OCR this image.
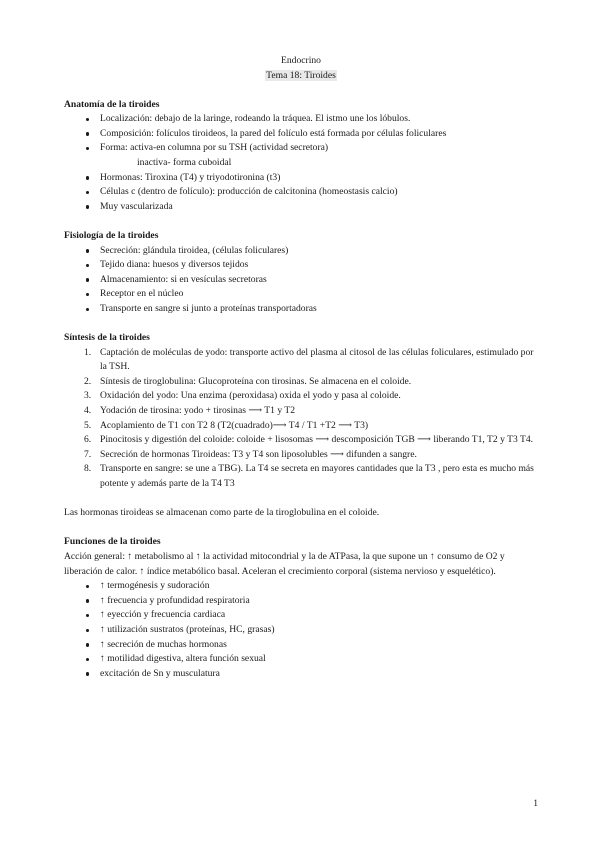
Endocrino
Tema 18: Tiroides
Anatomía de la tiroides
Localización: debajo de la laringe, rodeando la tráquea. El istmo une los lóbulos.
Composición: folículos tiroideos, la pared del folículo está formada por células foliculares
Forma: activa-en columna por su TSH (actividad secretora)
inactiva- forma cuboidal
Hormonas: Tiroxina (T4) y triyodotironina (t3)
Células c (dentro de folículo): producción de calcitonina (homeostasis calcio)
Muy vascularizada
Fisiología de la tiroides
Secreción: glándula tiroidea, (células foliculares)
Tejido diana: huesos y diversos tejidos
Almacenamiento: si en vesículas secretoras
Receptor en el núcleo
Transporte en sangre si junto a proteínas transportadoras
Síntesis de la tiroides
1. Captación de moléculas de yodo: transporte activo del plasma al citosol de las células foliculares, estimulado por la TSH.
2. Síntesis de tiroglobulina: Glucoproteína con tirosinas. Se almacena en el coloide.
3. Oxidación del yodo: Una enzima (peroxidasa) oxida el yodo y pasa al coloide.
4. Yodación de tirosina: yodo + tirosinas ⟶ T1 y T2
5. Acoplamiento de T1 con T2 8 (T2(cuadrado)⟶ T4 / T1 +T2 ⟶ T3)
6. Pinocitosis y digestión del coloide: coloide + lisosomas ⟶ descomposición TGB ⟶ liberando T1, T2 y T3 T4.
7. Secreción de hormonas Tiroideas: T3 y T4 son liposolubles ⟶ difunden a sangre.
8. Transporte en sangre: se une a TBG). La T4 se secreta en mayores cantidades que la T3 , pero esta es mucho más potente y además parte de la T4 T3

Las hormonas tiroideas se almacenan como parte de la tiroglobulina en el coloide.

Funciones de la tiroides

Acción general: ↑ metabolismo al ↑ la actividad mitocondrial y la de ATPasa, la que supone un ↑ consumo de O2 y liberación de calor. ↑ índice metabólico basal. Aceleran el crecimiento corporal (sistema nervioso y esquelético).

↑ termogénesis y sudoración
↑ frecuencia y profundidad respiratoria
↑ eyección y frecuencia cardiaca
↑ utilización sustratos (proteínas, HC, grasas)
↑ secreción de muchas hormonas
↑ motilidad digestiva, altera función sexual
excitación de Sn y musculatura
1
